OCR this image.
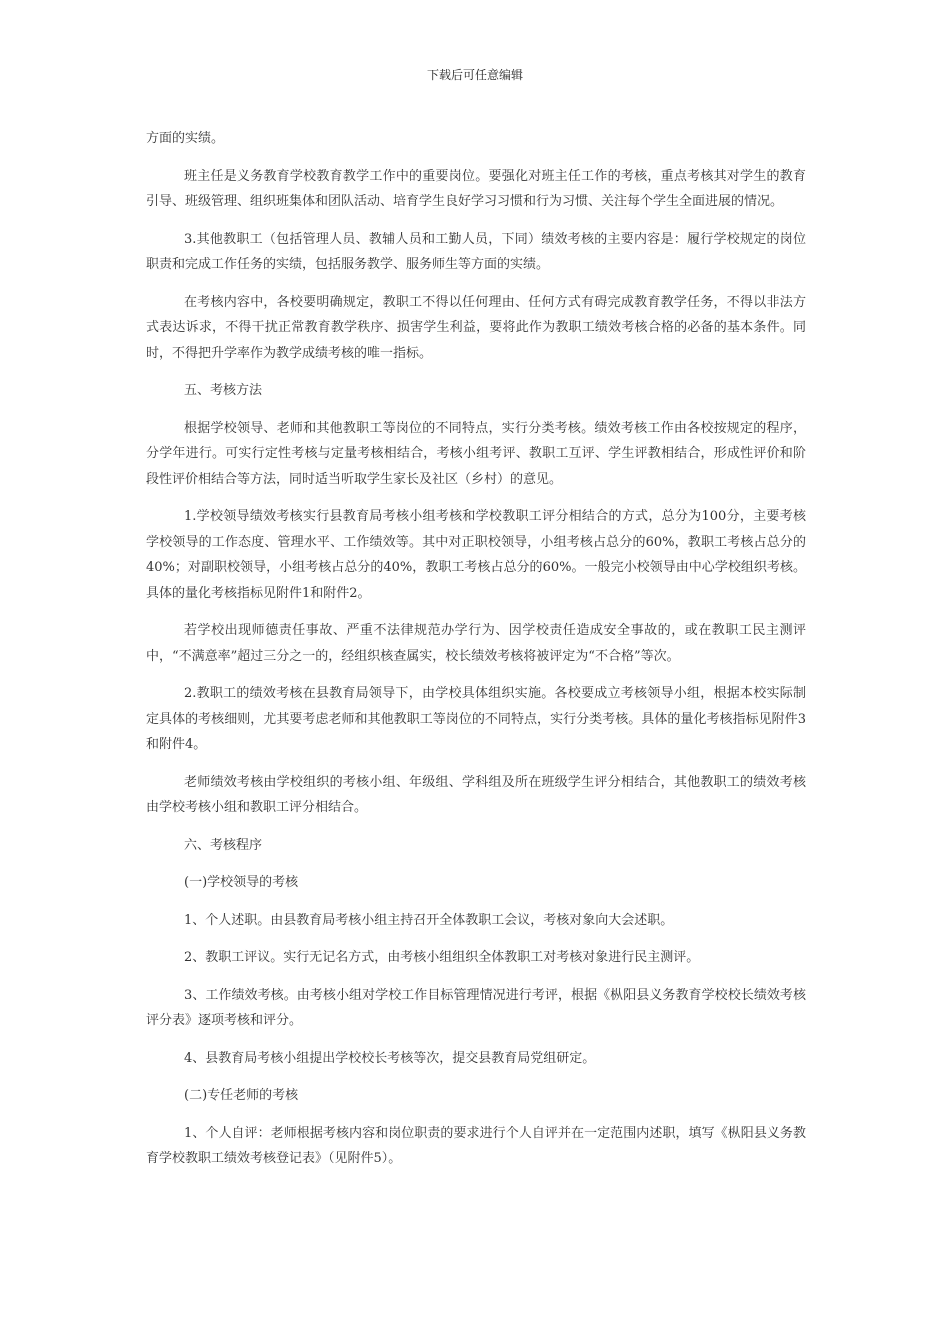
下载后可任意编辑

方面的实绩。

班主任是义务教育学校教育教学工作中的重要岗位。要强化对班主任工作的考核，重点考核其对学生的教育引导、班级管理、组织班集体和团队活动、培育学生良好学习习惯和行为习惯、关注每个学生全面进展的情况。

3.其他教职工（包括管理人员、教辅人员和工勤人员，下同）绩效考核的主要内容是：履行学校规定的岗位职责和完成工作任务的实绩，包括服务教学、服务师生等方面的实绩。

在考核内容中，各校要明确规定，教职工不得以任何理由、任何方式有碍完成教育教学任务，不得以非法方式表达诉求，不得干扰正常教育教学秩序、损害学生利益，要将此作为教职工绩效考核合格的必备的基本条件。同时，不得把升学率作为教学成绩考核的唯一指标。

五、考核方法

根据学校领导、老师和其他教职工等岗位的不同特点，实行分类考核。绩效考核工作由各校按规定的程序，分学年进行。可实行定性考核与定量考核相结合，考核小组考评、教职工互评、学生评教相结合，形成性评价和阶段性评价相结合等方法，同时适当听取学生家长及社区（乡村）的意见。

1.学校领导绩效考核实行县教育局考核小组考核和学校教职工评分相结合的方式，总分为100分，主要考核学校领导的工作态度、管理水平、工作绩效等。其中对正职校领导，小组考核占总分的60%，教职工考核占总分的40%；对副职校领导，小组考核占总分的40%，教职工考核占总分的60%。一般完小校领导由中心学校组织考核。具体的量化考核指标见附件1和附件2。

若学校出现师德责任事故、严重不法律规范办学行为、因学校责任造成安全事故的，或在教职工民主测评中，“不满意率”超过三分之一的，经组织核查属实，校长绩效考核将被评定为“不合格”等次。

2.教职工的绩效考核在县教育局领导下，由学校具体组织实施。各校要成立考核领导小组，根据本校实际制定具体的考核细则，尤其要考虑老师和其他教职工等岗位的不同特点，实行分类考核。具体的量化考核指标见附件3和附件4。

老师绩效考核由学校组织的考核小组、年级组、学科组及所在班级学生评分相结合，其他教职工的绩效考核由学校考核小组和教职工评分相结合。

六、考核程序

(一)学校领导的考核

1、个人述职。由县教育局考核小组主持召开全体教职工会议，考核对象向大会述职。

2、教职工评议。实行无记名方式，由考核小组组织全体教职工对考核对象进行民主测评。

3、工作绩效考核。由考核小组对学校工作目标管理情况进行考评，根据《枞阳县义务教育学校校长绩效考核评分表》逐项考核和评分。

4、县教育局考核小组提出学校校长考核等次，提交县教育局党组研定。

(二)专任老师的考核

1、个人自评：老师根据考核内容和岗位职责的要求进行个人自评并在一定范围内述职，填写《枞阳县义务教育学校教职工绩效考核登记表》（见附件5）。
